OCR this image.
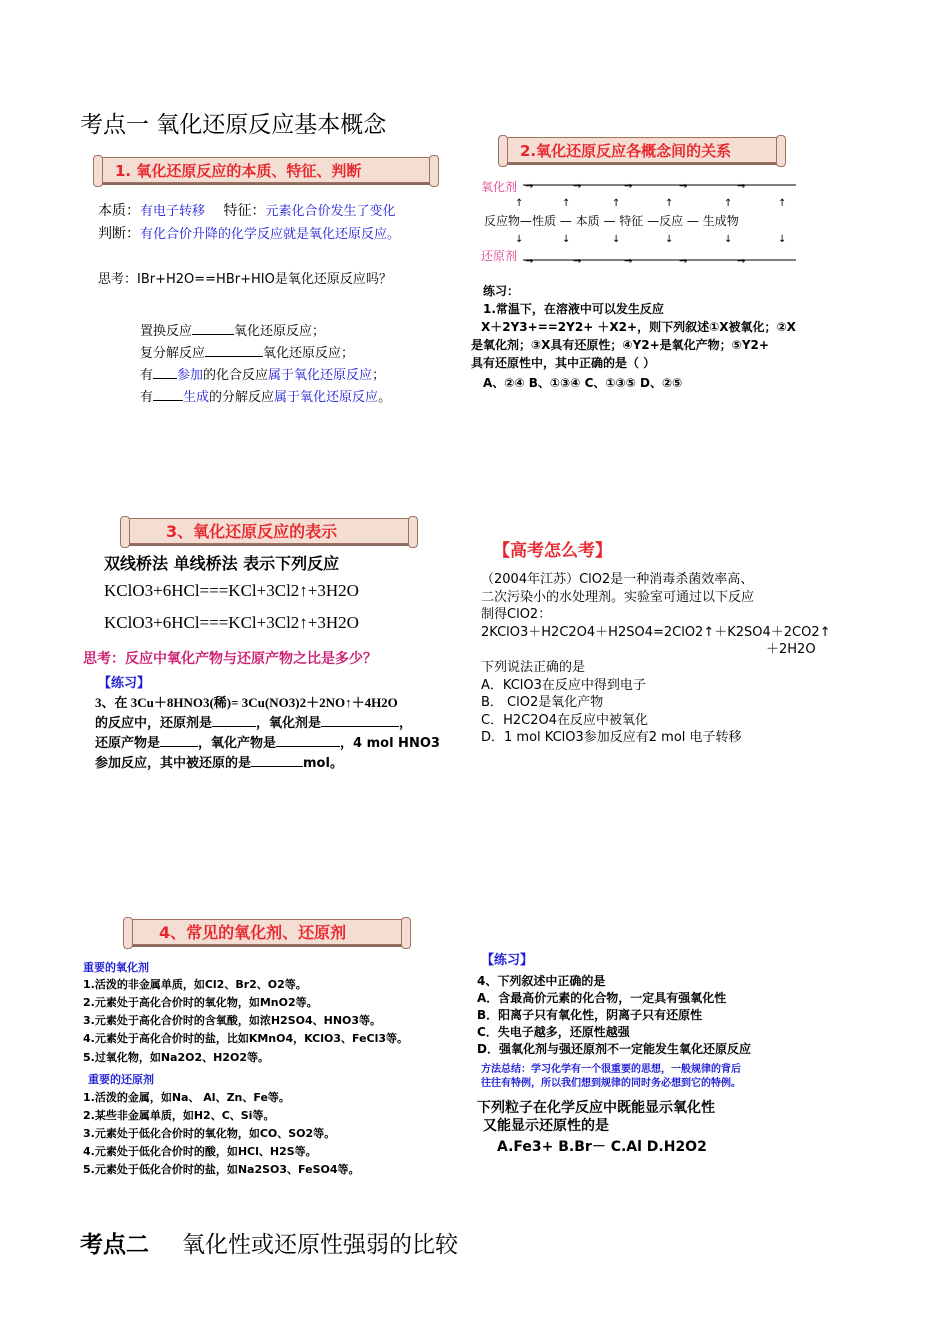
考点一 氧化还原反应基本概念
1. 氧化还原反应的本质、特征、判断
本质：有电子转移 特征：元素化合价发生了变化
判断：有化合价升降的化学反应就是氧化还原反应。
思考：IBr+H2O==HBr+HIO是氧化还原反应吗？
置换反应	氧化还原反应；
复分解反应	氧化还原反应；
有 参加的化合反应属于氧化还原反应；
有 生成的分解反应属于氧化还原反应。
2.氧化还原反应各概念间的关系
→	→	→	→	→
→	→	→	→	→
↑	↑	↑	↑	↑	↑
↓	↓	↓	↓	↓	↓
氧化剂
反应物—性质 — 本质 — 特征 —反应 — 生成物
还原剂
练习：
1.常温下，在溶液中可以发生反应
X＋2Y3+==2Y2+ ＋X2+，则下列叙述①X被氧化；②X
是氧化剂；③X具有还原性；④Y2+是氧化产物；⑤Y2+
具有还原性中，其中正确的是（ ）
A、②④ B、①③④ C、①③⑤ D、②⑤
3、氧化还原反应的表示
双线桥法 单线桥法 表示下列反应
KClO3+6HCl===KCl+3Cl2↑+3H2O
KClO3+6HCl===KCl+3Cl2↑+3H2O
思考：反应中氧化产物与还原产物之比是多少？
【练习】
3、在 3Cu＋8HNO3(稀)= 3Cu(NO3)2＋2NO↑＋4H2O
的反应中，还原剂是	，氧化剂是	，
还原产物是	，氧化产物是	，4 mol HNO3
参加反应，其中被还原的是	mol。
【高考怎么考】
（2004年江苏）ClO2是一种消毒杀菌效率高、
二次污染小的水处理剂。实验室可通过以下反应
制得ClO2：
2KClO3＋H2C2O4＋H2SO4=2ClO2↑＋K2SO4＋2CO2↑
＋2H2O
下列说法正确的是
A．KClO3在反应中得到电子
B． ClO2是氧化产物
C．H2C2O4在反应中被氧化
D．1 mol KClO3参加反应有2 mol 电子转移
4、常见的氧化剂、还原剂
重要的氧化剂
1.活泼的非金属单质，如Cl2、Br2、O2等。
2.元素处于高化合价时的氧化物，如MnO2等。
3.元素处于高化合价时的含氧酸，如浓H2SO4、HNO3等。
4.元素处于高化合价时的盐，比如KMnO4，KClO3、FeCl3等。
5.过氧化物，如Na2O2、H2O2等。
重要的还原剂
1.活泼的金属，如Na、 Al、Zn、Fe等。
2.某些非金属单质，如H2、C、Si等。
3.元素处于低化合价时的氧化物，如CO、SO2等。
4.元素处于低化合价时的酸，如HCl、H2S等。
5.元素处于低化合价时的盐，如Na2SO3、FeSO4等。
【练习】
4、下列叙述中正确的是
A．含最高价元素的化合物，一定具有强氧化性
B．阳离子只有氧化性，阴离子只有还原性
C．失电子越多，还原性越强
D．强氧化剂与强还原剂不一定能发生氧化还原反应
方法总结：学习化学有一个很重要的思想，一般规律的背后
往往有特例，所以我们想到规律的同时务必想到它的特例。
下列粒子在化学反应中既能显示氧化性
又能显示还原性的是
A.Fe3+ B.Br－ C.Al D.H2O2
考点二 氧化性或还原性强弱的比较
